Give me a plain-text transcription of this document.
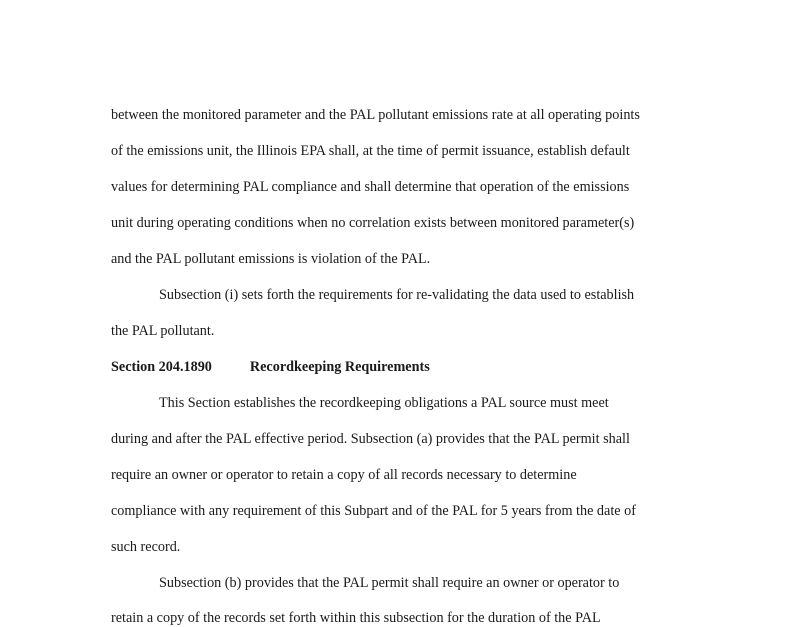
between the monitored parameter and the PAL pollutant emissions rate at all operating points
of the emissions unit, the Illinois EPA shall, at the time of permit issuance, establish default
values for determining PAL compliance and shall determine that operation of the emissions
unit during operating conditions when no correlation exists between monitored parameter(s)
and the PAL pollutant emissions is violation of the PAL.
Subsection (i) sets forth the requirements for re-validating the data used to establish
the PAL pollutant.
Section 204.1890	Recordkeeping Requirements
This Section establishes the recordkeeping obligations a PAL source must meet
during and after the PAL effective period. Subsection (a) provides that the PAL permit shall
require an owner or operator to retain a copy of all records necessary to determine
compliance with any requirement of this Subpart and of the PAL for 5 years from the date of
such record.
Subsection (b) provides that the PAL permit shall require an owner or operator to
retain a copy of the records set forth within this subsection for the duration of the PAL
